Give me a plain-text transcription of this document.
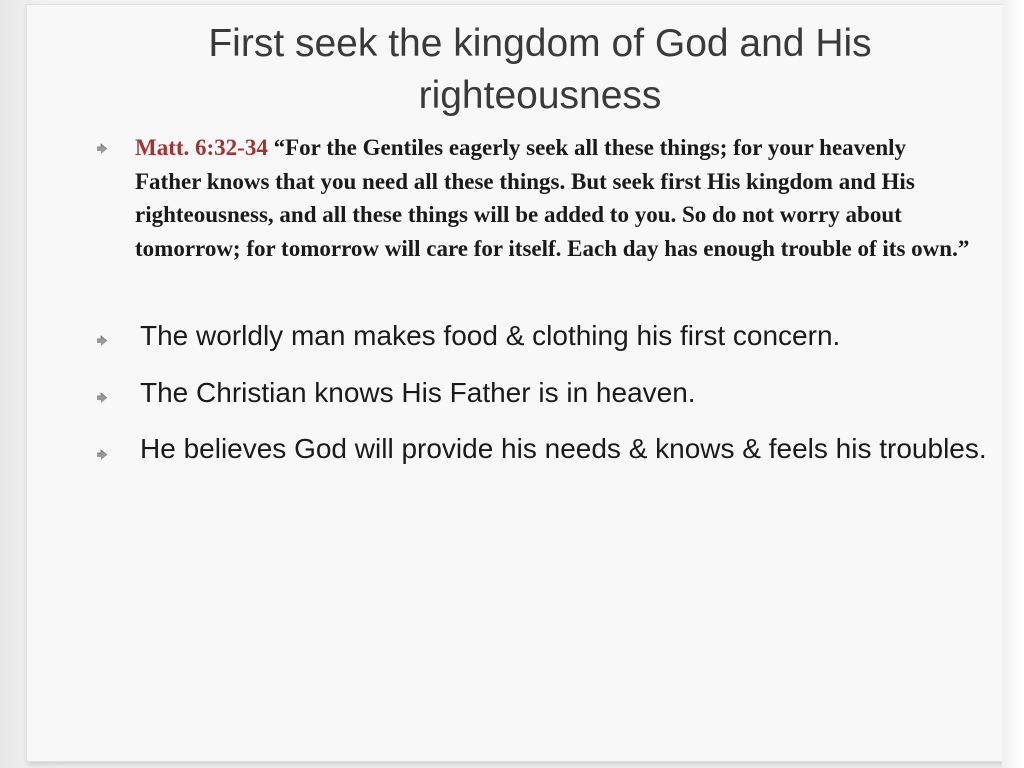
First seek the kingdom of God and His righteousness
Matt. 6:32-34 “For the Gentiles eagerly seek all these things; for your heavenly Father knows that you need all these things. But seek first His kingdom and His righteousness, and all these things will be added to you. So do not worry about tomorrow; for tomorrow will care for itself. Each day has enough trouble of its own.”
The worldly man makes food & clothing his first concern.
The Christian knows His Father is in heaven.
He believes God will provide his needs & knows & feels his troubles.
